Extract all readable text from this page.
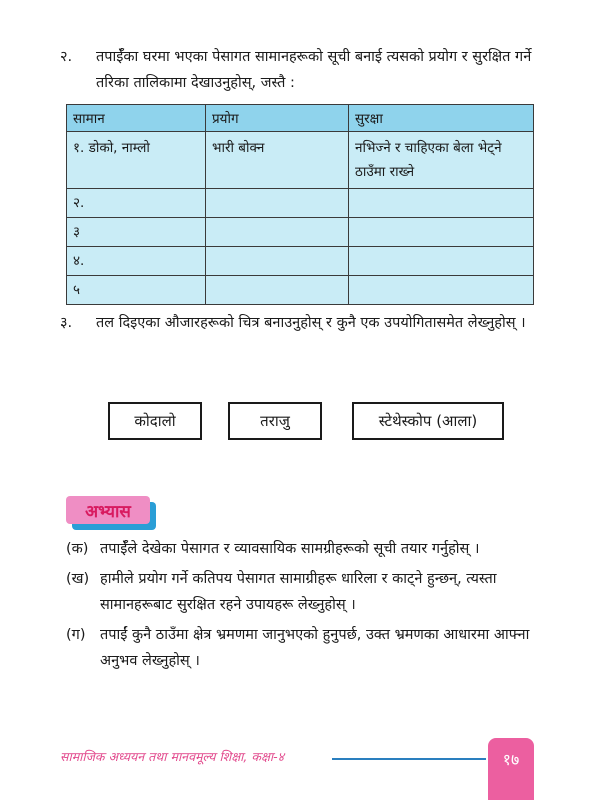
२.	तपाईँका घरमा भएका पेसागत सामानहरूको सूची बनाई त्यसको प्रयोग र सुरक्षित गर्ने तरिका तालिकामा देखाउनुहोस्, जस्तै :
सामान	प्रयोग	सुरक्षा
१. डोको, नाम्लो	भारी बोक्न	नभिज्ने र चाहिएका बेला भेट्ने ठाउँमा राख्ने
२.		
३		
४.		
५		
३.	तल दिइएका औजारहरूको चित्र बनाउनुहोस् र कुनै एक उपयोगितासमेत लेख्नुहोस् ।
कोदालो	तराजु	स्टेथेस्कोप (आला)
अभ्यास
(क) तपाईँले देखेका पेसागत र व्यावसायिक सामग्रीहरूको सूची तयार गर्नुहोस् ।
(ख) हामीले प्रयोग गर्ने कतिपय पेसागत सामाग्रीहरू धारिला र काट्ने हुन्छन्, त्यस्ता सामानहरूबाट सुरक्षित रहने उपायहरू लेख्नुहोस् ।
(ग)	तपाईं कुनै ठाउँमा क्षेत्र भ्रमणमा जानुभएको हुनुपर्छ, उक्त भ्रमणका आधारमा आफ्ना अनुभव लेख्नुहोस् ।
सामाजिक अध्ययन तथा मानवमूल्य शिक्षा, कक्षा-४	१७
